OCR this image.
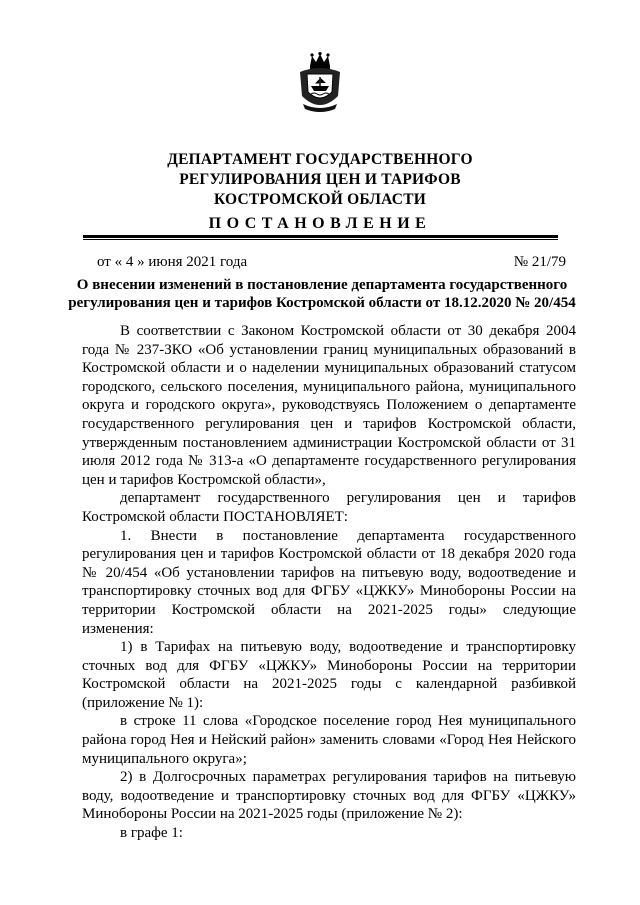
ДЕПАРТАМЕНТ ГОСУДАРСТВЕННОГО
РЕГУЛИРОВАНИЯ ЦЕН И ТАРИФОВ
КОСТРОМСКОЙ ОБЛАСТИ
ПОСТАНОВЛЕНИЕ
от « 4 » июня 2021 года	№ 21/79
О внесении изменений в постановление департамента государственного регулирования цен и тарифов Костромской области от 18.12.2020 № 20/454

В соответствии с Законом Костромской области от 30 декабря 2004 года № 237-ЗКО «Об установлении границ муниципальных образований в Костромской области и о наделении муниципальных образований статусом городского, сельского поселения, муниципального района, муниципального округа и городского округа», руководствуясь Положением о департаменте государственного регулирования цен и тарифов Костромской области, утвержденным постановлением администрации Костромской области от 31 июля 2012 года № 313-а «О департаменте государственного регулирования цен и тарифов Костромской области»,

департамент государственного регулирования цен и тарифов Костромской области ПОСТАНОВЛЯЕТ:

1. Внести в постановление департамента государственного регулирования цен и тарифов Костромской области от 18 декабря 2020 года № 20/454 «Об установлении тарифов на питьевую воду, водоотведение и транспортировку сточных вод для ФГБУ «ЦЖКУ» Минобороны России на территории Костромской области на 2021-2025 годы» следующие изменения:

1) в Тарифах на питьевую воду, водоотведение и транспортировку сточных вод для ФГБУ «ЦЖКУ» Минобороны России на территории Костромской области на 2021-2025 годы с календарной разбивкой (приложение № 1):

в строке 11 слова «Городское поселение город Нея муниципального района город Нея и Нейский район» заменить словами «Город Нея Нейского муниципального округа»;

2) в Долгосрочных параметрах регулирования тарифов на питьевую воду, водоотведение и транспортировку сточных вод для ФГБУ «ЦЖКУ» Минобороны России на 2021-2025 годы (приложение № 2):

в графе 1:
